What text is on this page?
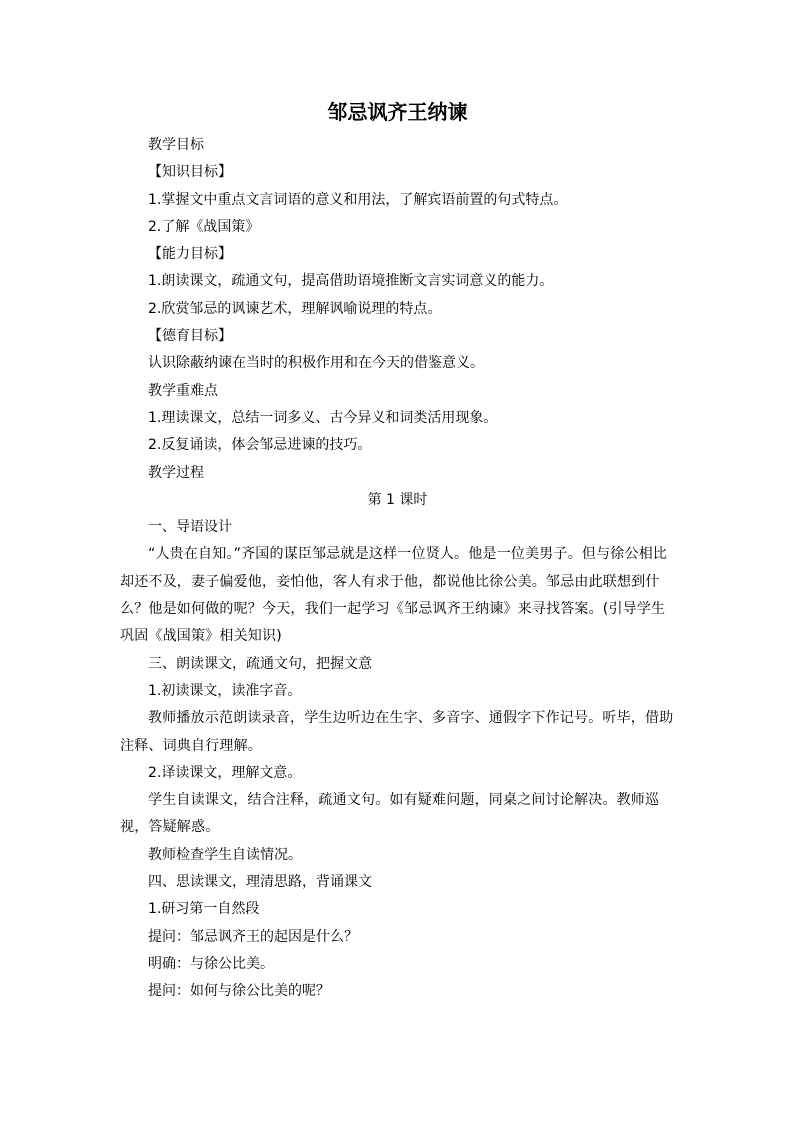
邹忌讽齐王纳谏
教学目标
【知识目标】
1.掌握文中重点文言词语的意义和用法，了解宾语前置的句式特点。
2.了解《战国策》
【能力目标】
1.朗读课文，疏通文句，提高借助语境推断文言实词意义的能力。
2.欣赏邹忌的讽谏艺术，理解讽喻说理的特点。
【德育目标】
认识除蔽纳谏在当时的积极作用和在今天的借鉴意义。
教学重难点
1.理读课文，总结一词多义、古今异义和词类活用现象。
2.反复诵读，体会邹忌进谏的技巧。
教学过程
第 1 课时
一、导语设计
“人贵在自知。”齐国的谋臣邹忌就是这样一位贤人。他是一位美男子。但与徐公相比却还不及，妻子偏爱他，妾怕他，客人有求于他，都说他比徐公美。邹忌由此联想到什么？他是如何做的呢？今天，我们一起学习《邹忌讽齐王纳谏》来寻找答案。(引导学生巩固《战国策》相关知识)
三、朗读课文，疏通文句，把握文意
1.初读课文，读准字音。
教师播放示范朗读录音，学生边听边在生字、多音字、通假字下作记号。听毕，借助注释、词典自行理解。
2.译读课文，理解文意。
学生自读课文，结合注释，疏通文句。如有疑难问题，同桌之间讨论解决。教师巡视，答疑解惑。
教师检查学生自读情况。
四、思读课文，理清思路，背诵课文
1.研习第一自然段
提问：邹忌讽齐王的起因是什么？
明确：与徐公比美。
提问：如何与徐公比美的呢？
